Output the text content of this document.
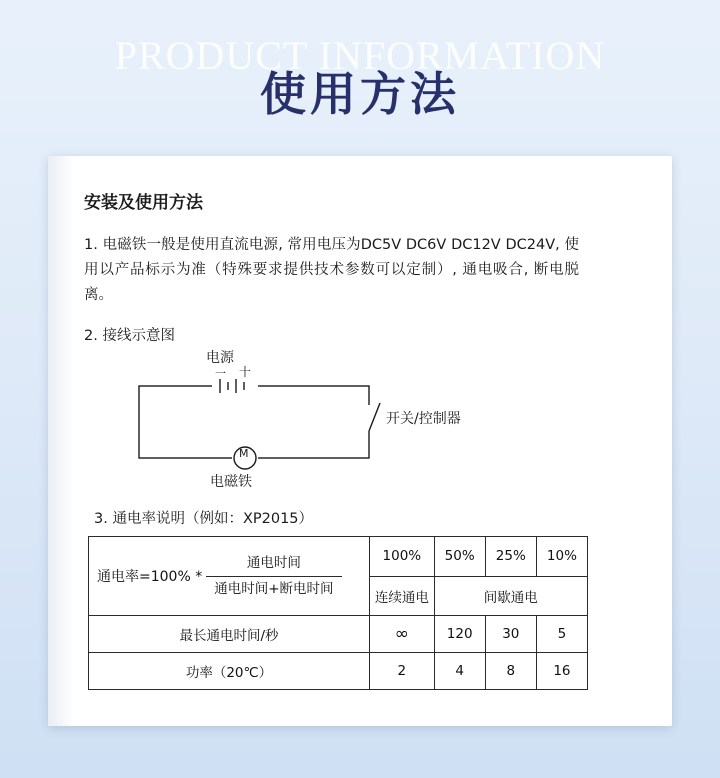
PRODUCT INFORMATION
使用方法
安装及使用方法

1. 电磁铁一般是使用直流电源, 常用电压为DC5V DC6V DC12V DC24V, 使用以产品标示为准（特殊要求提供技术参数可以定制）, 通电吸合, 断电脱离。

2. 接线示意图
电源
一 十
开关/控制器
M
电磁铁
3. 通电率说明（例如：XP2015）
通电率$=100\% * \frac{\text{通电时间}}{\text{通电时间+断电时间}}$	100%	50%	25%	10%
	连续通电	间歇通电		
最长通电时间/秒	∞	120	30	5
功率（20℃）	2	4	8	16
